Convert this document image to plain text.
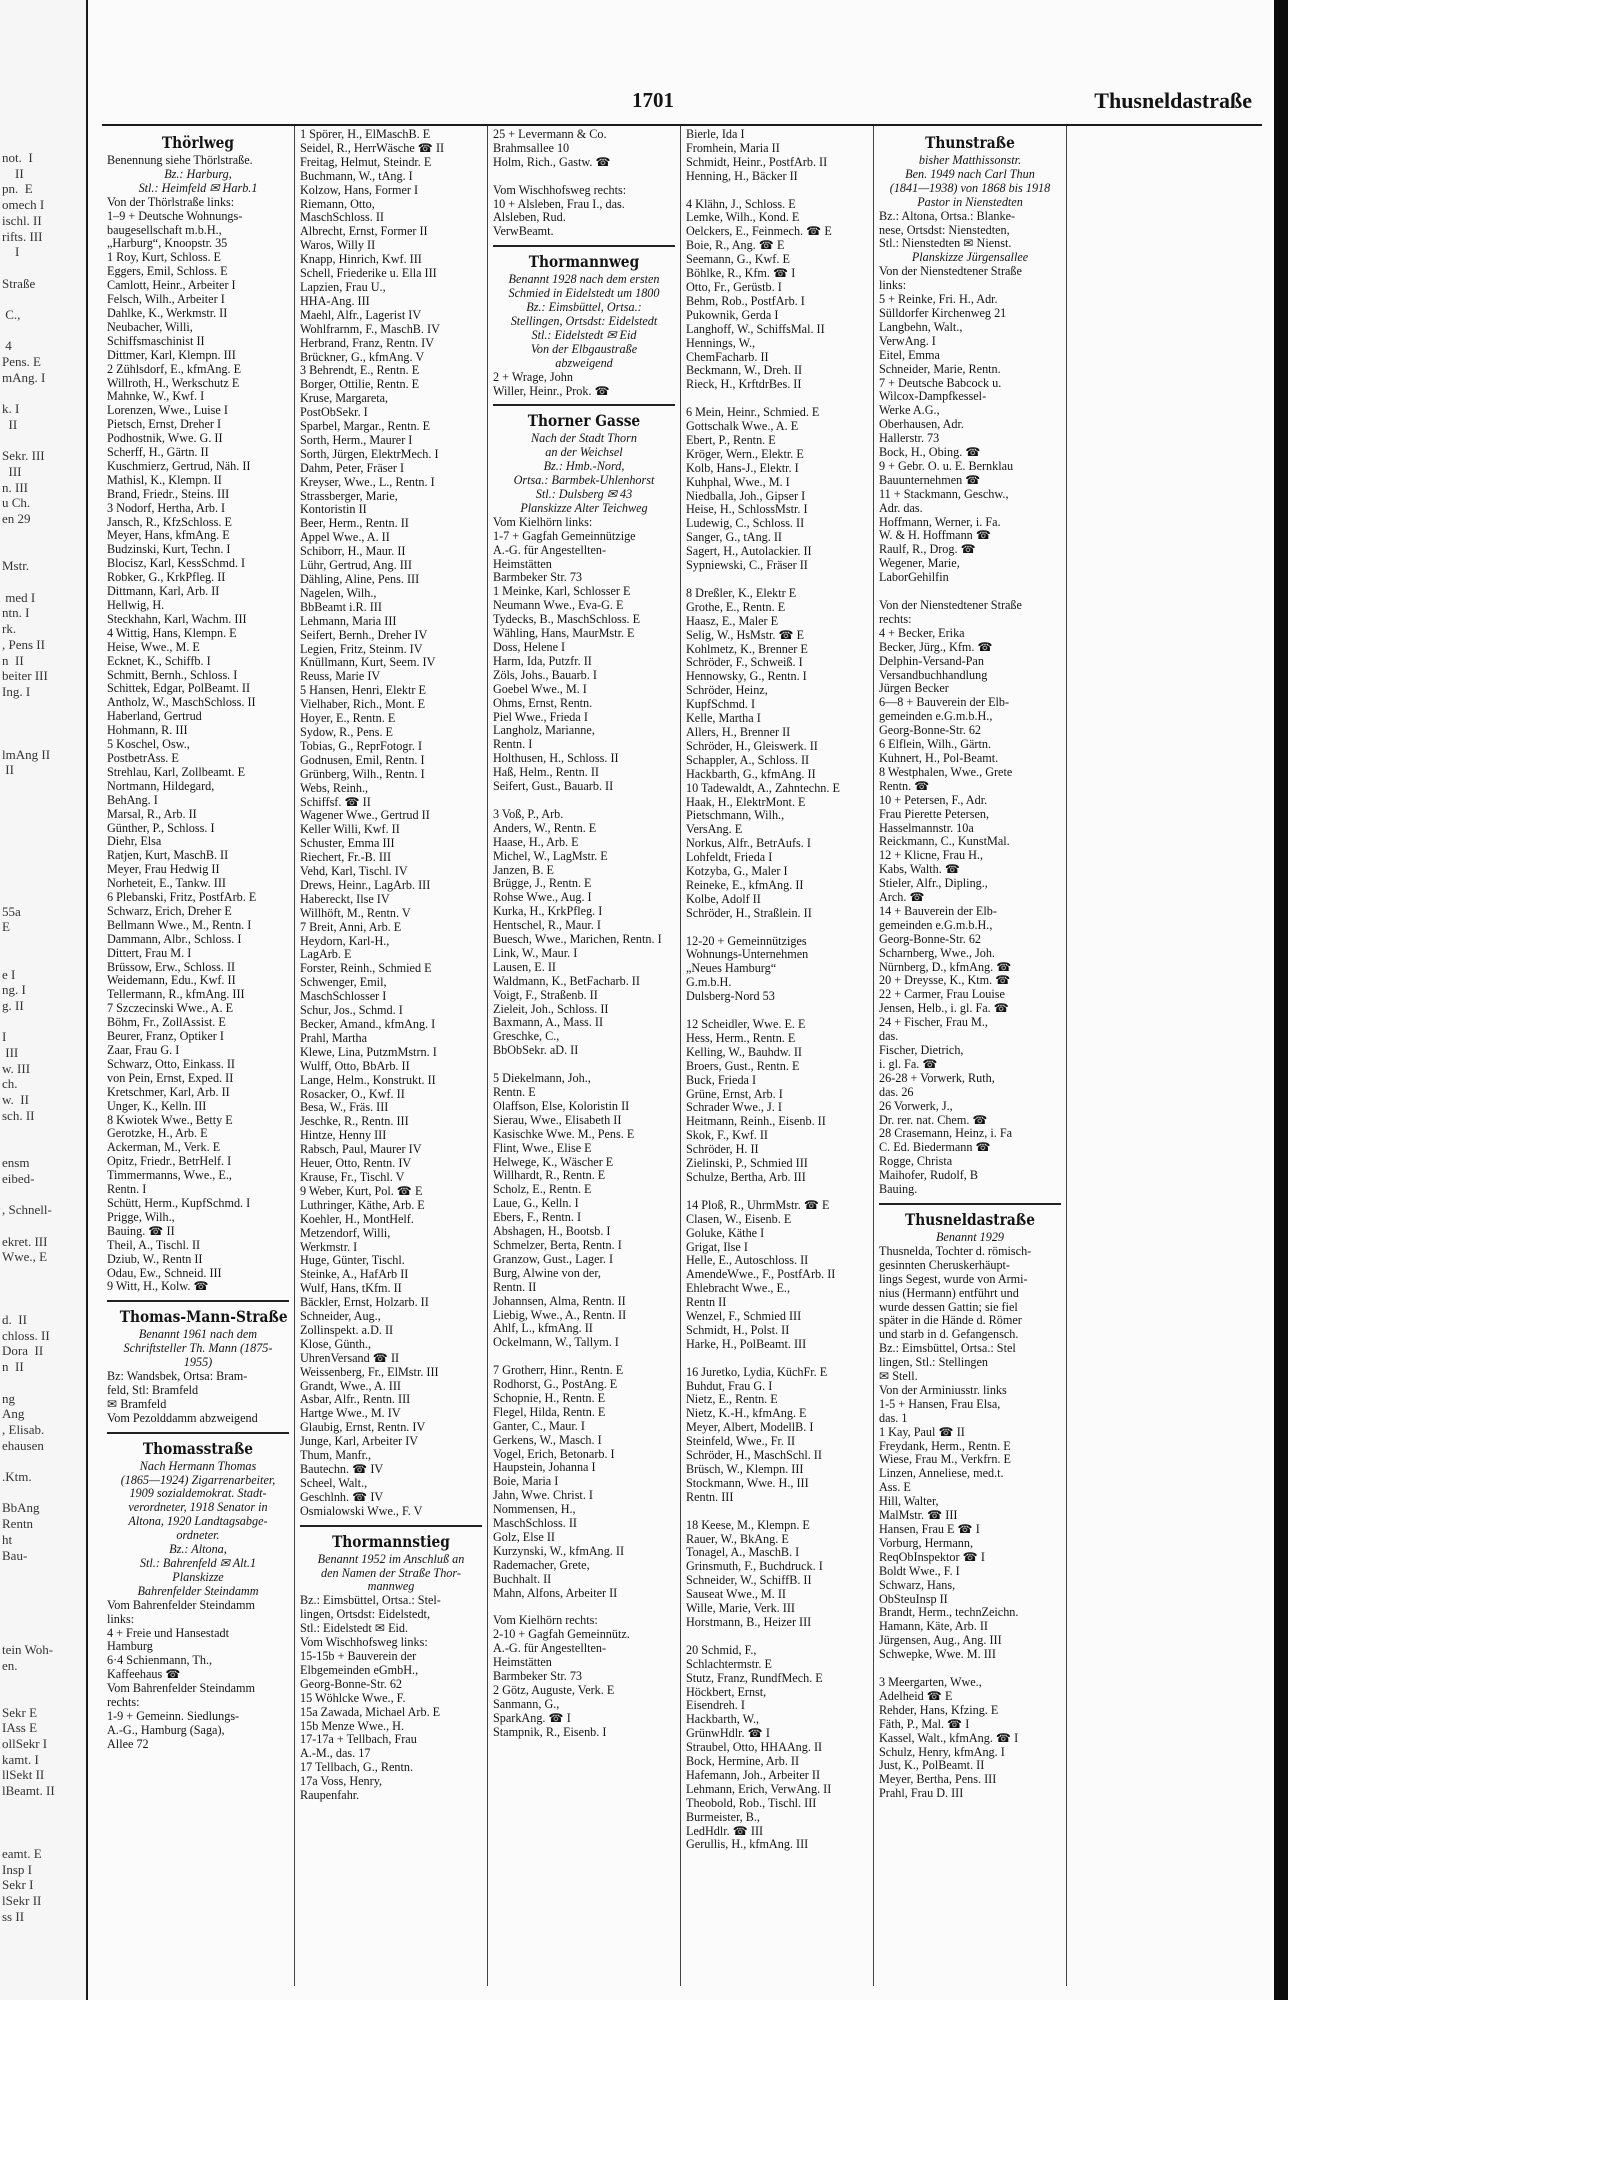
not.  I
II
pn.  E
omech I
ischl. II
rifts. III
I

Straße

C.,

4
Pens. E
mAng. I

k. I
II

Sekr. III
III
n. III
u Ch.
en 29

Mstr.

med I
ntn. I
rk.
, Pens II
n  II
beiter III
Ing. I

lmAng II
II

55a
E

e I
ng. I
g. II

I
III
w. III
ch.
w.  II
sch. II

ensm
eibed-

, Schnell-

ekret. III
Wwe., E

d.  II
chloss. II
Dora  II
n  II

ng
Ang
, Elisab.
ehausen

.Ktm.

BbAng
Rentn
ht
Bau-

tein Woh-
en.

Sekr E
IAss E
ollSekr I
kamt. I
llSekt II
lBeamt. II

eamt. E
Insp I
Sekr I
lSekr II
ss II
1701	Thusneldastraße
Thörlweg
Benennung siehe Thörlstraße.
Bz.: Harburg,
Stl.: Heimfeld ✉ Harb.1
Von der Thörlstraße links:
1–9 + Deutsche Wohnungs-
baugesellschaft m.b.H.,
„Harburg“, Knoopstr. 35
1 Roy, Kurt, Schloss. E
Eggers, Emil, Schloss. E
Camlott, Heinr., Arbeiter I
Felsch, Wilh., Arbeiter I
Dahlke, K., Werkmstr. II
Neubacher, Willi,
Schiffsmaschinist II
Dittmer, Karl, Klempn. III
2 Zühlsdorf, E., kfmAng. E
Willroth, H., Werkschutz E
Mahnke, W., Kwf. I
Lorenzen, Wwe., Luise I
Pietsch, Ernst, Dreher I
Podhostnik, Wwe. G. II
Scherff, H., Gärtn. II
Kuschmierz, Gertrud, Näh. II
Mathisl, K., Klempn. II
Brand, Friedr., Steins. III
3 Nodorf, Hertha, Arb. I
Jansch, R., KfzSchloss. E
Meyer, Hans, kfmAng. E
Budzinski, Kurt, Techn. I
Blocisz, Karl, KessSchmd. I
Robker, G., KrkPfleg. II
Dittmann, Karl, Arb. II
Hellwig, H.
Steckhahn, Karl, Wachm. III
4 Wittig, Hans, Klempn. E
Heise, Wwe., M. E
Ecknet, K., Schiffb. I
Schmitt, Bernh., Schloss. I
Schittek, Edgar, PolBeamt. II
Antholz, W., MaschSchloss. II
Haberland, Gertrud
Hohmann, R. III
5 Koschel, Osw.,
PostbetrAss. E
Strehlau, Karl, Zollbeamt. E
Nortmann, Hildegard,
BehAng. I
Marsal, R., Arb. II
Günther, P., Schloss. I
Diehr, Elsa
Ratjen, Kurt, MaschB. II
Meyer, Frau Hedwig II
Norheteit, E., Tankw. III
6 Plebanski, Fritz, PostfArb. E
Schwarz, Erich, Dreher E
Bellmann Wwe., M., Rentn. I
Dammann, Albr., Schloss. I
Dittert, Frau M. I
Brüssow, Erw., Schloss. II
Weidemann, Edu., Kwf. II
Tellermann, R., kfmAng. III
7 Szczecinski Wwe., A. E
Böhm, Fr., ZollAssist. E
Beurer, Franz, Optiker I
Zaar, Frau G. I
Schwarz, Otto, Einkass. II
von Pein, Ernst, Exped. II
Kretschmer, Karl, Arb. II
Unger, K., Kelln. III
8 Kwiotek Wwe., Betty E
Gerotzke, H., Arb. E
Ackerman, M., Verk. E
Opitz, Friedr., BetrHelf. I
Timmermanns, Wwe., E.,
Rentn. I
Schütt, Herm., KupfSchmd. I
Prigge, Wilh.,
Bauing. ☎ II
Theil, A., Tischl. II
Dziub, W., Rentn II
Odau, Ew., Schneid. III
9 Witt, H., Kolw. ☎
Thomas-Mann-Straße
Benannt 1961 nach dem
Schriftsteller Th. Mann (1875-
1955)
Bz: Wandsbek, Ortsa: Bram-
feld, Stl: Bramfeld
✉ Bramfeld
Vom Pezolddamm abzweigend
Thomasstraße
Nach Hermann Thomas
(1865—1924) Zigarrenarbeiter,
1909 sozialdemokrat. Stadt-
verordneter, 1918 Senator in
Altona, 1920 Landtagsabge-
ordneter.
Bz.: Altona,
Stl.: Bahrenfeld ✉ Alt.1
Planskizze
Bahrenfelder Steindamm
Vom Bahrenfelder Steindamm
links:
4 + Freie und Hansestadt
Hamburg
6·4 Schienmann, Th.,
Kaffeehaus ☎
Vom Bahrenfelder Steindamm
rechts:
1-9 + Gemeinn. Siedlungs-
A.-G., Hamburg (Saga),
Allee 72
1 Spörer, H., ElMaschB. E
Seidel, R., HerrWäsche ☎ II
Freitag, Helmut, Steindr. E
Buchmann, W., tAng. I
Kolzow, Hans, Former I
Riemann, Otto,
MaschSchloss. II
Albrecht, Ernst, Former II
Waros, Willy II
Knapp, Hinrich, Kwf. III
Schell, Friederike u. Ella III
Lapzien, Frau U.,
HHA-Ang. III
Maehl, Alfr., Lagerist IV
Wohlfrarnm, F., MaschB. IV
Herbrand, Franz, Rentn. IV
Brückner, G., kfmAng. V
3 Behrendt, E., Rentn. E
Borger, Ottilie, Rentn. E
Kruse, Margareta,
PostObSekr. I
Sparbel, Margar., Rentn. E
Sorth, Herm., Maurer I
Sorth, Jürgen, ElektrMech. I
Dahm, Peter, Fräser I
Kreyser, Wwe., L., Rentn. I
Strassberger, Marie,
Kontoristin II
Beer, Herm., Rentn. II
Appel Wwe., A. II
Schiborr, H., Maur. II
Lühr, Gertrud, Ang. III
Dähling, Aline, Pens. III
Nagelen, Wilh.,
BbBeamt i.R. III
Lehmann, Maria III
Seifert, Bernh., Dreher IV
Legien, Fritz, Steinm. IV
Knüllmann, Kurt, Seem. IV
Reuss, Marie IV
5 Hansen, Henri, Elektr E
Vielhaber, Rich., Mont. E
Hoyer, E., Rentn. E
Sydow, R., Pens. E
Tobias, G., ReprFotogr. I
Godnusen, Emil, Rentn. I
Grünberg, Wilh., Rentn. I
Webs, Reinh.,
Schiffsf. ☎ II
Wagener Wwe., Gertrud II
Keller Willi, Kwf. II
Schuster, Emma III
Riechert, Fr.-B. III
Vehd, Karl, Tischl. IV
Drews, Heinr., LagArb. III
Habereckt, Ilse IV
Willhöft, M., Rentn. V
7 Breit, Anni, Arb. E
Heydorn, Karl-H.,
LagArb. E
Forster, Reinh., Schmied E
Schwenger, Emil,
MaschSchlosser I
Schur, Jos., Schmd. I
Becker, Amand., kfmAng. I
Prahl, Martha
Klewe, Lina, PutzmMstrn. I
Wulff, Otto, BbArb. II
Lange, Helm., Konstrukt. II
Rosacker, O., Kwf. II
Besa, W., Fräs. III
Jeschke, R., Rentn. III
Hintze, Henny III
Rabsch, Paul, Maurer IV
Heuer, Otto, Rentn. IV
Krause, Fr., Tischl. V
9 Weber, Kurt, Pol. ☎ E
Luthringer, Käthe, Arb. E
Koehler, H., MontHelf.
Metzendorf, Willi,
Werkmstr. I
Huge, Günter, Tischl.
Steinke, A., HafArb II
Wulf, Hans, tKfm. II
Bäckler, Ernst, Holzarb. II
Schneider, Aug.,
Zollinspekt. a.D. II
Klose, Günth.,
UhrenVersand ☎ II
Weissenberg, Fr., ElMstr. III
Grandt, Wwe., A. III
Asbar, Alfr., Rentn. III
Hartge Wwe., M. IV
Glaubig, Ernst, Rentn. IV
Junge, Karl, Arbeiter IV
Thum, Manfr.,
Bautechn. ☎ IV
Scheel, Walt.,
Geschlnh. ☎ IV
Osmialowski Wwe., F. V
Thormannstieg
Benannt 1952 im Anschluß an
den Namen der Straße Thor-
mannweg
Bz.: Eimsbüttel, Ortsa.: Stel-
lingen, Ortsdst: Eidelstedt,
Stl.: Eidelstedt ✉ Eid.
Vom Wischhofsweg links:
15-15b + Bauverein der
Elbgemeinden eGmbH.,
Georg-Bonne-Str. 62
15 Wöhlcke Wwe., F.
15a Zawada, Michael Arb. E
15b Menze Wwe., H.
17-17a + Tellbach, Frau
A.-M., das. 17
17 Tellbach, G., Rentn.
17a Voss, Henry,
Raupenfahr.
25 + Levermann & Co.
Brahmsallee 10
Holm, Rich., Gastw. ☎

Vom Wischhofsweg rechts:
10 + Alsleben, Frau I., das.
Alsleben, Rud.
VerwBeamt.
Thormannweg
Benannt 1928 nach dem ersten
Schmied in Eidelstedt um 1800
Bz.: Eimsbüttel, Ortsa.:
Stellingen, Ortsdst: Eidelstedt
Stl.: Eidelstedt ✉ Eid
Von der Elbgaustraße
abzweigend
2 + Wrage, John
Willer, Heinr., Prok. ☎
Thorner Gasse
Nach der Stadt Thorn
an der Weichsel
Bz.: Hmb.-Nord,
Ortsa.: Barmbek-Uhlenhorst
Stl.: Dulsberg ✉ 43
Planskizze Alter Teichweg
Vom Kielhörn links:
1-7 + Gagfah Gemeinnützige
A.-G. für Angestellten-
Heimstätten
Barmbeker Str. 73
1 Meinke, Karl, Schlosser E
Neumann Wwe., Eva-G. E
Tydecks, B., MaschSchloss. E
Wähling, Hans, MaurMstr. E
Doss, Helene I
Harm, Ida, Putzfr. II
Zöls, Johs., Bauarb. I
Goebel Wwe., M. I
Ohms, Ernst, Rentn.
Piel Wwe., Frieda I
Langholz, Marianne,
Rentn. I
Holthusen, H., Schloss. II
Haß, Helm., Rentn. II
Seifert, Gust., Bauarb. II

3 Voß, P., Arb.
Anders, W., Rentn. E
Haase, H., Arb. E
Michel, W., LagMstr. E
Janzen, B. E
Brügge, J., Rentn. E
Rohse Wwe., Aug. I
Kurka, H., KrkPfleg. I
Hentschel, R., Maur. I
Buesch, Wwe., Marichen, Rentn. I
Link, W., Maur. I
Lausen, E. II
Waldmann, K., BetFacharb. II
Voigt, F., Straßenb. II
Zieleit, Joh., Schloss. II
Baxmann, A., Mass. II
Greschke, C.,
BbObSekr. aD. II

5 Diekelmann, Joh.,
Rentn. E
Olaffson, Else, Koloristin II
Sierau, Wwe., Elisabeth II
Kasischke Wwe. M., Pens. E
Flint, Wwe., Elise E
Helwege, K., Wäscher E
Willhardt, R., Rentn. E
Scholz, E., Rentn. E
Laue, G., Kelln. I
Ebers, F., Rentn. I
Abshagen, H., Bootsb. I
Schmelzer, Berta, Rentn. I
Granzow, Gust., Lager. I
Burg, Alwine von der,
Rentn. II
Johannsen, Alma, Rentn. II
Liebig, Wwe., A., Rentn. II
Ahlf, L., kfmAng. II
Ockelmann, W., Tallym. I

7 Grotherr, Hinr., Rentn. E
Rodhorst, G., PostAng. E
Schopnie, H., Rentn. E
Flegel, Hilda, Rentn. E
Ganter, C., Maur. I
Gerkens, W., Masch. I
Vogel, Erich, Betonarb. I
Haupstein, Johanna I
Boie, Maria I
Jahn, Wwe. Christ. I
Nommensen, H.,
MaschSchloss. II
Golz, Else II
Kurzynski, W., kfmAng. II
Rademacher, Grete,
Buchhalt. II
Mahn, Alfons, Arbeiter II

Vom Kielhörn rechts:
2-10 + Gagfah Gemeinnütz.
A.-G. für Angestellten-
Heimstätten
Barmbeker Str. 73
2 Götz, Auguste, Verk. E
Sanmann, G.,
SparkAng. ☎ I
Stampnik, R., Eisenb. I
Bierle, Ida I
Fromhein, Maria II
Schmidt, Heinr., PostfArb. II
Henning, H., Bäcker II

4 Klähn, J., Schloss. E
Lemke, Wilh., Kond. E
Oelckers, E., Feinmech. ☎ E
Boie, R., Ang. ☎ E
Seemann, G., Kwf. E
Böhlke, R., Kfm. ☎ I
Otto, Fr., Gerüstb. I
Behm, Rob., PostfArb. I
Pukownik, Gerda I
Langhoff, W., SchiffsMal. II
Hennings, W.,
ChemFacharb. II
Beckmann, W., Dreh. II
Rieck, H., KrftdrBes. II

6 Mein, Heinr., Schmied. E
Gottschalk Wwe., A. E
Ebert, P., Rentn. E
Kröger, Wern., Elektr. E
Kolb, Hans-J., Elektr. I
Kuhphal, Wwe., M. I
Niedballa, Joh., Gipser I
Heise, H., SchlossMstr. I
Ludewig, C., Schloss. II
Sanger, G., tAng. II
Sagert, H., Autolackier. II
Sypniewski, C., Fräser II

8 Dreßler, K., Elektr E
Grothe, E., Rentn. E
Haasz, E., Maler E
Selig, W., HsMstr. ☎ E
Kohlmetz, K., Brenner E
Schröder, F., Schweiß. I
Hennowsky, G., Rentn. I
Schröder, Heinz,
KupfSchmd. I
Kelle, Martha I
Allers, H., Brenner II
Schröder, H., Gleiswerk. II
Schappler, A., Schloss. II
Hackbarth, G., kfmAng. II
10 Tadewaldt, A., Zahntechn. E
Haak, H., ElektrMont. E
Pietschmann, Wilh.,
VersAng. E
Norkus, Alfr., BetrAufs. I
Lohfeldt, Frieda I
Kotzyba, G., Maler I
Reineke, E., kfmAng. II
Kolbe, Adolf II
Schröder, H., Straßlein. II

12-20 + Gemeinnütziges
Wohnungs-Unternehmen
„Neues Hamburg“
G.m.b.H.
Dulsberg-Nord 53

12 Scheidler, Wwe. E. E
Hess, Herm., Rentn. E
Kelling, W., Bauhdw. II
Broers, Gust., Rentn. E
Buck, Frieda I
Grüne, Ernst, Arb. I
Schrader Wwe., J. I
Heitmann, Reinh., Eisenb. II
Skok, F., Kwf. II
Schröder, H. II
Zielinski, P., Schmied III
Schulze, Bertha, Arb. III

14 Ploß, R., UhrmMstr. ☎ E
Clasen, W., Eisenb. E
Goluke, Käthe I
Grigat, Ilse I
Helle, E., Autoschloss. II
AmendeWwe., F., PostfArb. II
Ehlebracht Wwe., E.,
Rentn II
Wenzel, F., Schmied III
Schmidt, H., Polst. II
Harke, H., PolBeamt. III

16 Juretko, Lydia, KüchFr. E
Buhdut, Frau G. I
Nietz, E., Rentn. E
Nietz, K.-H., kfmAng. E
Meyer, Albert, ModellB. I
Steinfeld, Wwe., Fr. II
Schröder, H., MaschSchl. II
Brüsch, W., Klempn. III
Stockmann, Wwe. H., III
Rentn. III

18 Keese, M., Klempn. E
Rauer, W., BkAng. E
Tonagel, A., MaschB. I
Grinsmuth, F., Buchdruck. I
Schneider, W., SchiffB. II
Sauseat Wwe., M. II
Wille, Marie, Verk. III
Horstmann, B., Heizer III

20 Schmid, F.,
Schlachtermstr. E
Stutz, Franz, RundfMech. E
Höckbert, Ernst,
Eisendreh. I
Hackbarth, W.,
GrünwHdlr. ☎ I
Straubel, Otto, HHAAng. II
Bock, Hermine, Arb. II
Hafemann, Joh., Arbeiter II
Lehmann, Erich, VerwAng. II
Theobold, Rob., Tischl. III
Burmeister, B.,
LedHdlr. ☎ III
Gerullis, H., kfmAng. III
Thunstraße
bisher Matthissonstr.
Ben. 1949 nach Carl Thun
(1841—1938) von 1868 bis 1918
Pastor in Nienstedten
Bz.: Altona, Ortsa.: Blanke-
nese, Ortsdst: Nienstedten,
Stl.: Nienstedten ✉ Nienst.
Planskizze Jürgensallee
Von der Nienstedtener Straße
links:
5 + Reinke, Fri. H., Adr.
Sülldorfer Kirchenweg 21
Langbehn, Walt.,
VerwAng. I
Eitel, Emma
Schneider, Marie, Rentn.
7 + Deutsche Babcock u.
Wilcox-Dampfkessel-
Werke A.G.,
Oberhausen, Adr.
Hallerstr. 73
Bock, H., Obing. ☎
9 + Gebr. O. u. E. Bernklau
Bauunternehmen ☎
11 + Stackmann, Geschw.,
Adr. das.
Hoffmann, Werner, i. Fa.
W. & H. Hoffmann ☎
Raulf, R., Drog. ☎
Wegener, Marie,
LaborGehilfin

Von der Nienstedtener Straße
rechts:
4 + Becker, Erika
Becker, Jürg., Kfm. ☎
Delphin-Versand-Pan
Versandbuchhandlung
Jürgen Becker
6—8 + Bauverein der Elb-
gemeinden e.G.m.b.H.,
Georg-Bonne-Str. 62
6 Elflein, Wilh., Gärtn.
Kuhnert, H., Pol-Beamt.
8 Westphalen, Wwe., Grete
Rentn. ☎
10 + Petersen, F., Adr.
Frau Pierette Petersen,
Hasselmannstr. 10a
Reickmann, C., KunstMal.
12 + Klicne, Frau H.,
Kabs, Walth. ☎
Stieler, Alfr., Dipling.,
Arch. ☎
14 + Bauverein der Elb-
gemeinden e.G.m.b.H.,
Georg-Bonne-Str. 62
Scharnberg, Wwe., Joh.
Nürnberg, D., kfmAng. ☎
20 + Dreysse, K., Ktm. ☎
22 + Carmer, Frau Louise
Jensen, Helb., i. gl. Fa. ☎
24 + Fischer, Frau M.,
das.
Fischer, Dietrich,
i. gl. Fa. ☎
26-28 + Vorwerk, Ruth,
das. 26
26 Vorwerk, J.,
Dr. rer. nat. Chem. ☎
28 Crasemann, Heinz, i. Fa
C. Ed. Biedermann ☎
Rogge, Christa
Maihofer, Rudolf, B
Bauing.
Thusneldastraße
Benannt 1929
Thusnelda, Tochter d. römisch-
gesinnten Cheruskerhäupt-
lings Segest, wurde von Armi-
nius (Hermann) entführt und
wurde dessen Gattin; sie fiel
später in die Hände d. Römer
und starb in d. Gefangensch.
Bz.: Eimsbüttel, Ortsa.: Stel
lingen, Stl.: Stellingen
✉ Stell.
Von der Arminiusstr. links
1-5 + Hansen, Frau Elsa,
das. 1
1 Kay, Paul ☎ II
Freydank, Herm., Rentn. E
Wiese, Frau M., Verkfrn. E
Linzen, Anneliese, med.t.
Ass. E
Hill, Walter,
MalMstr. ☎ III
Hansen, Frau E ☎ I
Vorburg, Hermann,
ReqObInspektor ☎ I
Boldt Wwe., F. I
Schwarz, Hans,
ObSteuInsp II
Brandt, Herm., technZeichn.
Hamann, Käte, Arb. II
Jürgensen, Aug., Ang. III
Schwepke, Wwe. M. III

3 Meergarten, Wwe.,
Adelheid ☎ E
Rehder, Hans, Kfzing. E
Fäth, P., Mal. ☎ I
Kassel, Walt., kfmAng. ☎ I
Schulz, Henry, kfmAng. I
Just, K., PolBeamt. II
Meyer, Bertha, Pens. III
Prahl, Frau D. III
